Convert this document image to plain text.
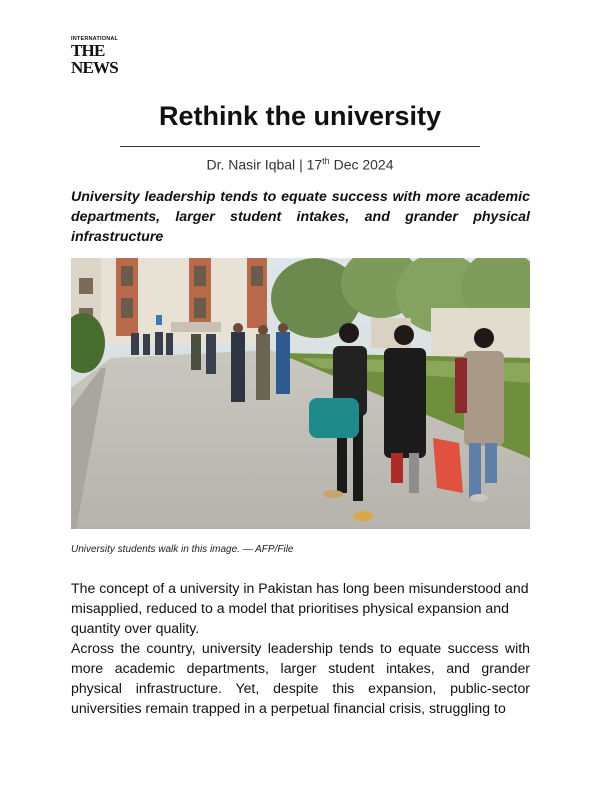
INTERNATIONAL
THE NEWS
Rethink the university
Dr. Nasir Iqbal | 17th Dec 2024

University leadership tends to equate success with more academic departments, larger student intakes, and grander physical infrastructure

University students walk in this image. — AFP/File

The concept of a university in Pakistan has long been misunderstood and misapplied, reduced to a model that prioritises physical expansion and quantity over quality.

Across the country, university leadership tends to equate success with more academic departments, larger student intakes, and grander physical infrastructure. Yet, despite this expansion, public-sector universities remain trapped in a perpetual financial crisis, struggling to
